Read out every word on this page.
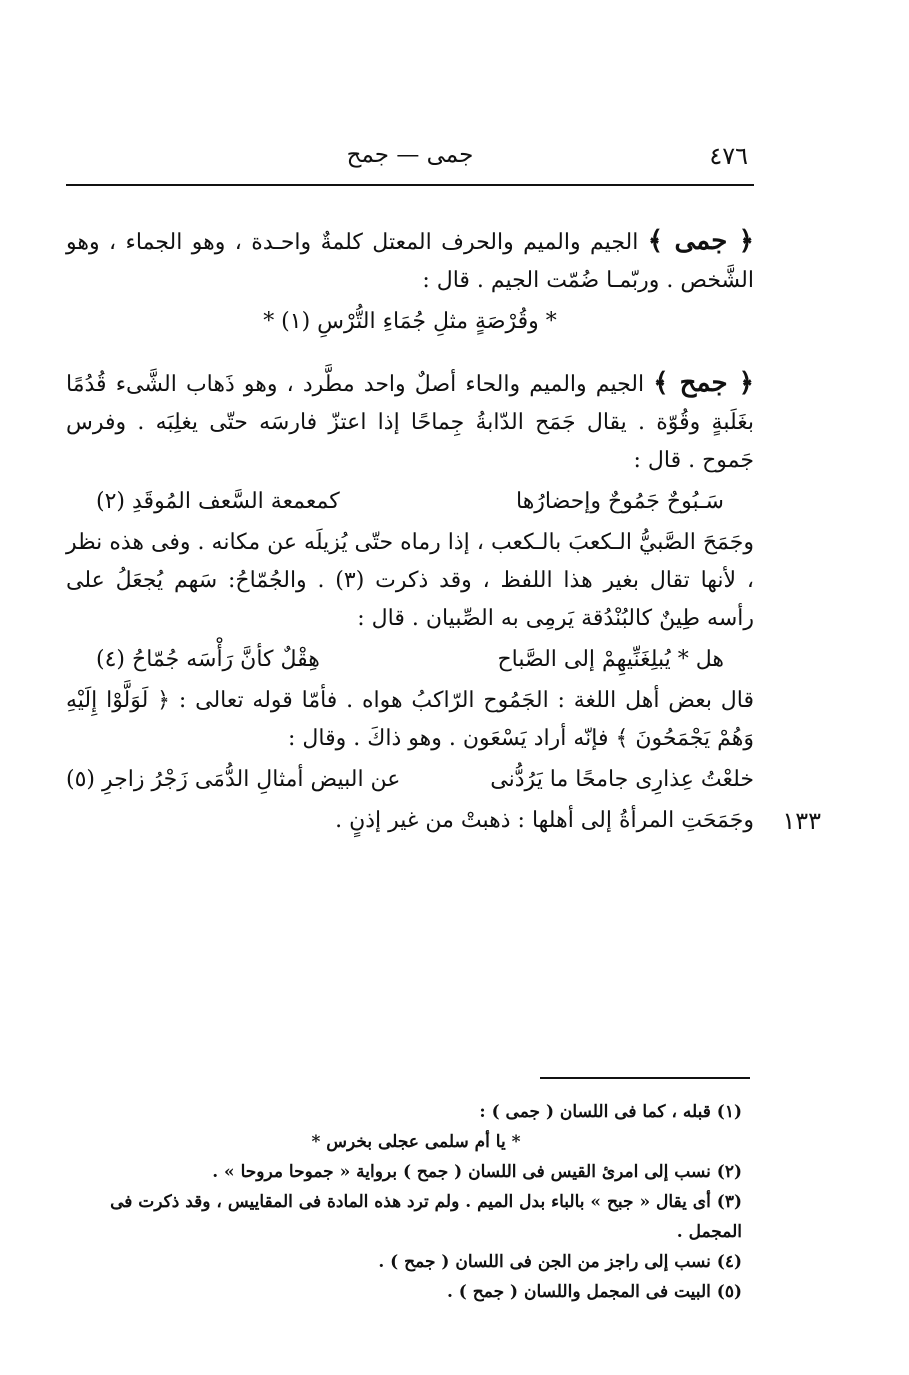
٤٧٦
جمى — جمح
١٣٣

﴿ جمى ﴾ الجيم والميم والحرف المعتل كلمةٌ واحـدة ، وهو الجماء ، وهو الشَّخص . وربّمـا ضُمّت الجيم . قال :

* وقُرْصَةٍ مثلِ جُمَاءِ التُّرْسِ (١) *

﴿ جمح ﴾ الجيم والميم والحاء أصلٌ واحد مطَّرد ، وهو ذَهاب الشَّىء قُدُمًا بغَلَبةٍ وقُوّة . يقال جَمَح الدّابةُ جِماحًا إذا اعتزّ فارسَه حتّى يغلِبَه . وفرس جَموح . قال :

سَـبُوحٌ جَمُوحٌ وإحضارُها
كمعمعة السَّعف المُوقَدِ (٢)

وجَمَحَ الصَّبيُّ الـكعبَ بالـكعب ، إذا رماه حتّى يُزيلَه عن مكانه . وفى هذه نظر ، لأنها تقال بغير هذا اللفظ ، وقد ذكرت (٣) . والجُمّاحُ: سَهم يُجعَلُ على رأسه طِينٌ كالبُنْدُقة يَرمِى به الصِّبيان . قال :

هل * يُبلِغَنِّيهِمْ إلى الصَّباح
هِقْلٌ كأنَّ رَأْسَه جُمّاحُ (٤)

قال بعض أهل اللغة : الجَمُوح الرّاكبُ هواه . فأمّا قوله تعالى : ﴿ لَوَلَّوْا إِلَيْهِ وَهُمْ يَجْمَحُونَ ﴾ فإنّه أراد يَسْعَون . وهو ذاكَ . وقال :

خلعْتُ عِذارِى جامحًا ما يَرُدُّنى
عن البيض أمثالِ الدُّمَى زَجْرُ زاجرِ (٥)

وجَمَحَتِ المرأةُ إلى أهلها : ذهبتْ من غير إذنٍ .

(١) قبله ، كما فى اللسان ( جمى ) :

* يا أم سلمى عجلى بخرس *

(٢) نسب إلى امرئ القيس فى اللسان ( جمح ) برواية « جموحا مروحا » .

(٣) أى يقال « جبح » بالباء بدل الميم . ولم ترد هذه المادة فى المقاييس ، وقد ذكرت فى المجمل .

(٤) نسب إلى راجز من الجن فى اللسان ( جمح ) .

(٥) البيت فى المجمل واللسان ( جمح ) .
